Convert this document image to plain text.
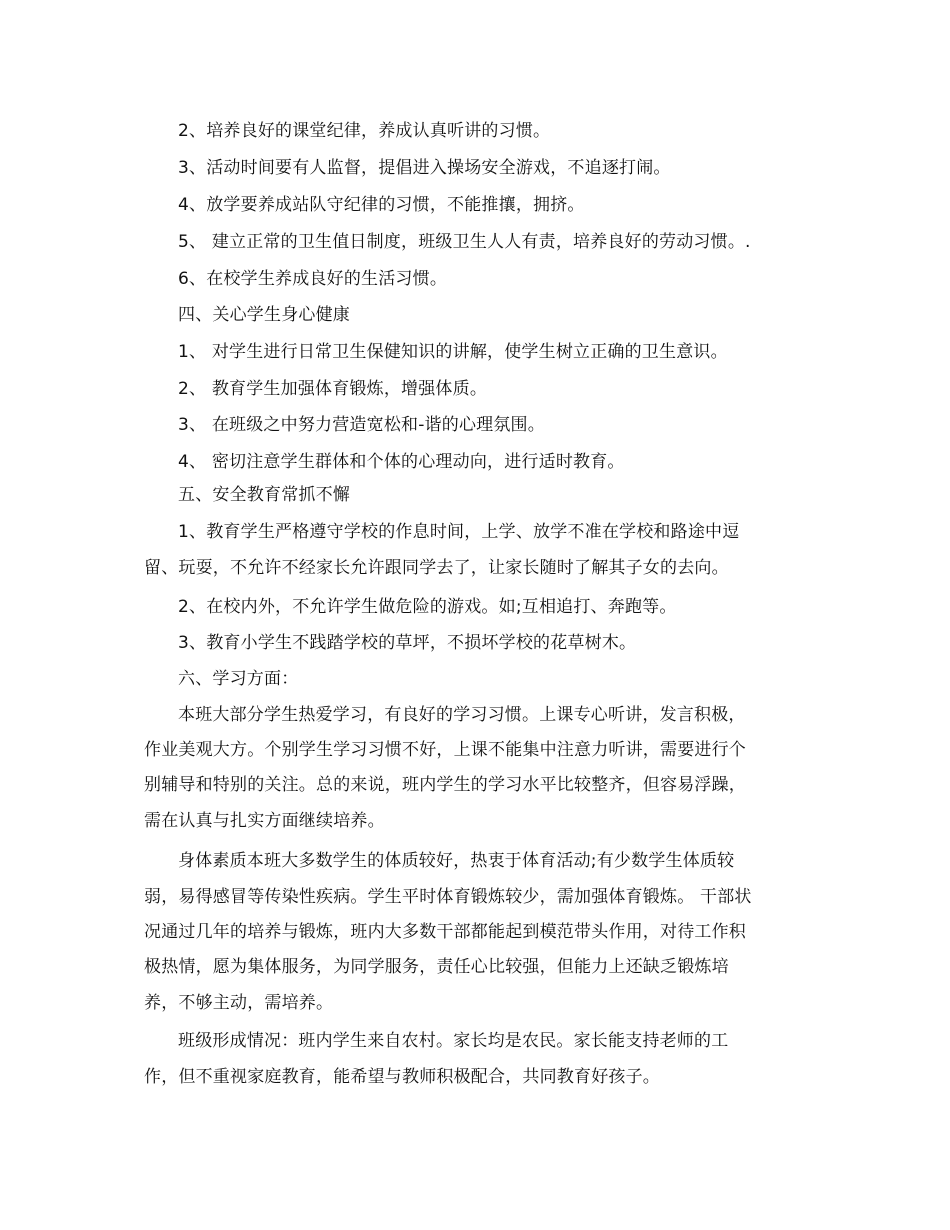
2、培养良好的课堂纪律，养成认真听讲的习惯。
3、活动时间要有人监督，提倡进入操场安全游戏，不追逐打闹。
4、放学要养成站队守纪律的习惯，不能推攘，拥挤。
5、 建立正常的卫生值日制度，班级卫生人人有责，培养良好的劳动习惯。.
6、在校学生养成良好的生活习惯。
四、关心学生身心健康
1、 对学生进行日常卫生保健知识的讲解，使学生树立正确的卫生意识。
2、 教育学生加强体育锻炼，增强体质。
3、 在班级之中努力营造宽松和-谐的心理氛围。
4、 密切注意学生群体和个体的心理动向，进行适时教育。
五、安全教育常抓不懈
1、教育学生严格遵守学校的作息时间，上学、放学不准在学校和路途中逗
留、玩耍，不允许不经家长允许跟同学去了，让家长随时了解其子女的去向。
2、在校内外，不允许学生做危险的游戏。如;互相追打、奔跑等。
3、教育小学生不践踏学校的草坪，不损坏学校的花草树木。
六、学习方面：
本班大部分学生热爱学习，有良好的学习习惯。上课专心听讲，发言积极，
作业美观大方。个别学生学习习惯不好，上课不能集中注意力听讲，需要进行个
别辅导和特别的关注。总的来说，班内学生的学习水平比较整齐，但容易浮躁，
需在认真与扎实方面继续培养。
身体素质本班大多数学生的体质较好，热衷于体育活动;有少数学生体质较
弱，易得感冒等传染性疾病。学生平时体育锻炼较少，需加强体育锻炼。 干部状
况通过几年的培养与锻炼，班内大多数干部都能起到模范带头作用，对待工作积
极热情，愿为集体服务，为同学服务，责任心比较强，但能力上还缺乏锻炼培
养，不够主动，需培养。
班级形成情况：班内学生来自农村。家长均是农民。家长能支持老师的工
作，但不重视家庭教育，能希望与教师积极配合，共同教育好孩子。
